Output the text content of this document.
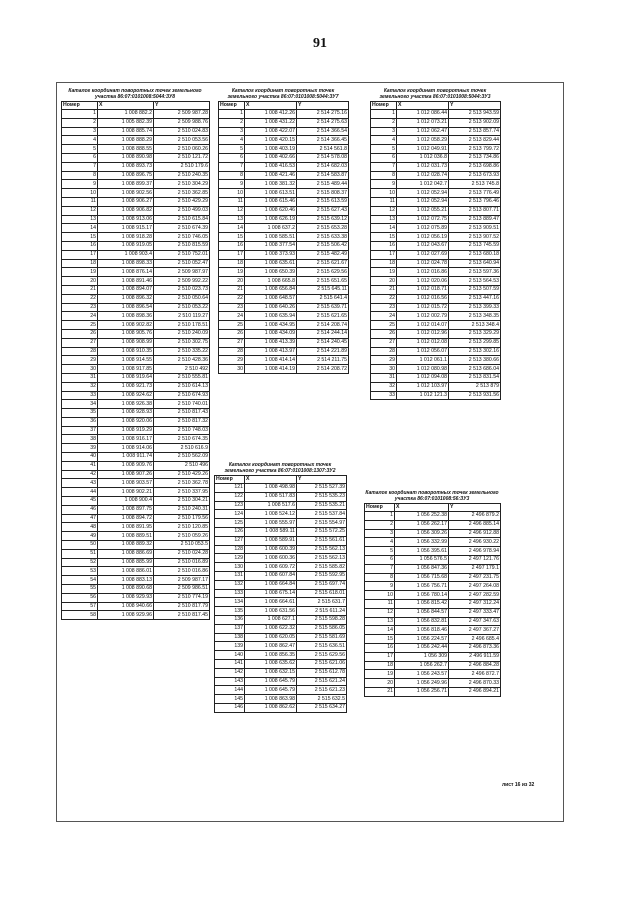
91
Каталог координат поворотных точек земельного участка 86:07:0101008:5044:ЗУ8
Номер	X	Y
1	1 008 882.2	2 509 987.28
2	1 005 882.39	2 509 988.76
3	1 008 885.74	2 510 024.83
4	1 008 888.29	2 510 053.56
5	1 008 888.55	2 510 060.26
6	1 008 890.98	2 510 121.72
7	1 008 893.73	2 510 179.6
8	1 008 896.75	2 510 240.35
9	1 008 899.37	2 510 304.29
10	1 008 902.56	2 510 362.85
11	1 008 906.27	2 510 429.29
12	1 008 906.82	2 510 499.03
13	1 008 913.06	2 510 615.84
14	1 008 915.17	2 510 674.39
15	1 008 918.28	2 510 746.05
16	1 008 919.05	2 510 815.59
17	1 008 903.4	2 510 752.01
18	1 008 898.33	2 510 052.47
19	1 008 876.14	2 509 987.97
20	1 008 891.46	2 509 992.22
21	1 008 894.07	2 510 023.73
22	1 008 896.32	2 510 050.64
23	1 008 896.54	2 510 053.22
24	1 008 898.36	2 510 119.27
25	1 008 902.82	2 510 178.51
26	1 008 905.76	2 510 240.09
27	1 008 908.99	2 510 302.75
28	1 008 910.35	2 510 335.22
29	1 008 914.55	2 510 428.36
30	1 008 917.85	2 510 492
31	1 008 919.64	2 510 555.81
32	1 008 921.73	2 510 614.13
33	1 008 924.62	2 510 674.93
34	1 008 926.38	2 510 740.01
35	1 008 928.93	2 510 817.43
36	1 008 920.06	2 510 817.32
37	1 008 919.29	2 510 748.03
38	1 008 916.17	2 510 674.35
39	1 008 914.06	2 510 616.9
40	1 008 911.74	2 510 562.09
41	1 008 909.76	2 510 496
42	1 008 907.26	2 510 429.26
43	1 008 903.57	2 510 362.78
44	1 008 902.21	2 510 337.95
45	1 008 900.4	2 510 304.21
46	1 008 897.75	2 510 240.31
47	1 008 894.72	2 510 179.56
48	1 008 891.95	2 510 120.85
49	1 008 889.51	2 510 059.26
50	1 008 889.32	2 510 053.5
51	1 008 886.69	2 510 024.28
52	1 008 885.99	2 510 016.89
53	1 008 886.01	2 510 016.86
54	1 008 883.13	2 509 987.17
55	1 008 890.68	2 509 986.51
56	1 008 929.93	2 510 774.19
57	1 008 940.66	2 510 817.79
58	1 008 929.96	2 510 817.45
Каталог координат поворотных точек земельного участка 86:07:0101008:5044:ЗУ7
Номер	X	Y
1	1 008 412.26	2 514 275.16
2	1 008 431.22	2 514 275.63
3	1 008 422.07	2 514 366.54
4	1 008 420.15	2 514 366.45
5	1 008 403.19	2 514 561.8
6	1 008 402.66	2 514 578.08
7	1 008 416.53	2 514 682.03
8	1 008 421.46	2 514 583.87
9	1 008 381.32	2 515 489.44
10	1 008 613.51	2 515 808.37
11	1 008 615.46	2 515 613.59
12	1 008 620.46	2 515 627.43
13	1 008 626.19	2 515 639.12
14	1 008 637.2	2 515 653.28
15	1 008 585.51	2 515 633.38
16	1 008 377.54	2 515 506.42
17	1 008 373.93	2 515 482.49
18	1 008 635.61	2 515 621.67
19	1 008 650.39	2 515 629.56
20	1 008 665.8	2 515 651.65
21	1 008 656.84	2 515 645.11
22	1 008 648.57	2 515 641.4
23	1 008 640.26	2 515 639.71
24	1 008 635.94	2 515 621.65
25	1 008 434.95	2 514 208.74
26	1 008 434.09	2 514 244.14
27	1 008 413.39	2 514 240.45
28	1 008 413.97	2 514 221.89
29	1 008 414.14	2 514 211.75
30	1 008 414.19	2 514 208.72
Каталог координат поворотных точек земельного участка 86:07:0101008:1307:ЗУ2
Номер	X	Y
121	1 008 498.98	2 515 527.39
122	1 008 517.83	2 515 535.23
123	1 008 517.6	2 515 535.21
124	1 008 524.12	2 515 537.84
125	1 008 555.97	2 515 554.97
126	1 008 589.11	2 515 572.25
127	1 008 589.91	2 515 561.61
128	1 008 600.39	2 515 562.13
129	1 008 600.36	2 515 562.13
130	1 008 609.72	2 515 585.82
131	1 008 607.84	2 515 592.95
132	1 008 664.84	2 515 697.74
133	1 008 675.14	2 515 618.01
134	1 008 664.61	2 515 631.7
135	1 008 631.56	2 515 611.24
136	1 008 627.1	2 515 598.28
137	1 008 622.32	2 515 586.05
138	1 008 620.05	2 515 581.69
139	1 008 862.47	2 515 636.51
140	1 008 856.35	2 515 629.56
141	1 008 635.62	2 515 621.06
142	1 008 632.15	2 515 612.78
143	1 008 645.79	2 515 621.24
144	1 008 645.79	2 515 621.23
145	1 008 863.98	2 515 632.5
146	1 008 862.62	2 515 634.27
Каталог координат поворотных точек земельного участка 86:07:0101008:5044:ЗУ3
Номер	X	Y
1	1 012 086.44	2 513 943.59
2	1 012 073.21	2 513 902.09
3	1 012 062.47	2 513 857.74
4	1 012 058.29	2 513 829.44
5	1 012 049.91	2 513 799.72
6	1 012 036.8	2 513 734.86
7	1 012 031.73	2 513 698.86
8	1 012 028.74	2 513 673.93
9	1 012 042.7	2 513 745.8
10	1 012 052.94	2 513 776.49
11	1 012 052.94	2 513 796.46
12	1 012 055.21	2 513 807.71
13	1 012 072.75	2 513 889.47
14	1 012 075.89	2 513 909.51
15	1 012 056.19	2 513 907.52
16	1 012 043.67	2 513 745.59
17	1 012 027.69	2 513 680.18
18	1 012 024.78	2 513 640.94
19	1 012 016.86	2 513 597.36
20	1 012 020.06	2 513 564.53
21	1 012 018.71	2 513 507.59
22	1 012 016.56	2 513 447.16
23	1 012 015.72	2 513 399.33
24	1 012 002.79	2 513 348.35
25	1 012 014.07	2 513 348.4
26	1 012 012.96	2 513 329.29
27	1 012 012.08	2 513 299.85
28	1 012 056.07	2 513 302.16
29	1 012 061.1	2 513 380.66
30	1 012 080.98	2 513 686.04
31	1 012 094.08	2 513 831.54
32	1 012 103.97	2 513 879
33	1 012 121.3	2 513 931.56
Каталог координат поворотных точек земельного участка 86:07:0101008:56:ЗУ3
Номер	X	Y
1	1 056 252.38	2 496 879.2
2	1 056 262.17	2 496 885.14
3	1 056 309.26	2 496 912.88
4	1 056 332.99	2 496 930.22
5	1 056 395.61	2 496 978.94
6	1 056 576.5	2 497 121.76
7	1 056 847.36	2 497 179.1
8	1 056 715.68	2 497 231.75
9	1 056 756.71	2 497 264.08
10	1 056 780.14	2 497 282.59
11	1 056 815.42	2 497 312.24
12	1 056 844.57	2 497 333.47
13	1 056 832.81	2 497 347.63
14	1 056 818.46	2 497 367.27
15	1 056 224.57	2 496 685.4
16	1 056 242.44	2 496 873.36
17	1 056 309	2 496 911.59
18	1 056 262.7	2 496 884.28
19	1 056 243.57	2 496 872.7
20	1 056 249.96	2 496 870.33
21	1 056 256.71	2 496 894.21
лист 16 из 32
